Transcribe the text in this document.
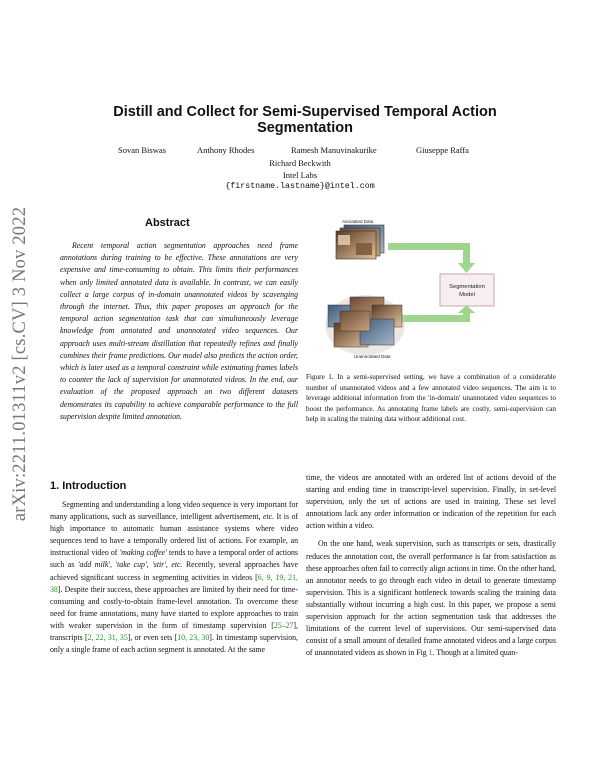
arXiv:2211.01311v2 [cs.CV] 3 Nov 2022
Distill and Collect for Semi-Supervised Temporal Action Segmentation
Sovan Biswas	Anthony Rhodes	Ramesh Manuvinakurike	Giuseppe Raffa
Richard Beckwith
Intel Labs
{firstname.lastname}@intel.com
Abstract
Recent temporal action segmentation approaches need frame annotations during training to be effective. These annotations are very expensive and time-consuming to obtain. This limits their performances when only limited annotated data is available. In contrast, we can easily collect a large corpus of in-domain unannotated videos by scavenging through the internet. Thus, this paper proposes an approach for the temporal action segmentation task that can simultaneously leverage knowledge from annotated and unannotated video sequences. Our approach uses multi-stream distillation that repeatedly refines and finally combines their frame predictions. Our model also predicts the action order, which is later used as a temporal constraint while estimating frames labels to counter the lack of supervision for unannotated videos. In the end, our evaluation of the proposed approach on two different datasets demonstrates its capability to achieve comparable performance to the full supervision despite limited annotation.
Annotated Data
Segmentation
Model
Unannotated Data
Figure 1. In a semi-supervised setting, we have a combination of a considerable number of unannotated videos and a few annotated video sequences. The aim is to leverage additional information from the 'in-domain' unannotated video sequences to boost the performance. As annotating frame labels are costly, semi-supervision can help in scaling the training data without additional cost.
1. Introduction

Segmenting and understanding a long video sequence is very important for many applications, such as surveillance, intelligent advertisement, etc. It is of high importance to automatic human assistance systems where video sequences tend to have a temporally ordered list of actions. For example, an instructional video of 'making coffee' tends to have a temporal order of actions such as 'add milk', 'take cup', 'stir', etc. Recently, several approaches have achieved significant success in segmenting activities in videos [6, 9, 19, 21, 38]. Despite their success, these approaches are limited by their need for time-consuming and costly-to-obtain frame-level annotation. To overcome these need for frame annotations, many have started to explore approaches to train with weaker supervision in the form of timestamp supervision [25–27], transcripts [2, 22, 31, 35], or even sets [10, 23, 30]. In timestamp supervision, only a single frame of each action segment is annotated. At the same

time, the videos are annotated with an ordered list of actions devoid of the starting and ending time in transcript-level supervision. Finally, in set-level supervision, only the set of actions are used in training. These set level annotations lack any order information or indication of the repetition for each action within a video.

On the one hand, weak supervision, such as transcripts or sets, drastically reduces the annotation cost, the overall performance is far from satisfaction as these approaches often fail to correctly align actions in time. On the other hand, an annotator needs to go through each video in detail to generate timestamp supervision. This is a significant bottleneck towards scaling the training data substantially without incurring a high cost. In this paper, we propose a semi supervision approach for the action segmentation task that addresses the limitations of the current level of supervisions. Our semi-supervised data consist of a small amount of detailed frame annotated videos and a large corpus of unannotated videos as shown in Fig 1. Though at a limited quan-
